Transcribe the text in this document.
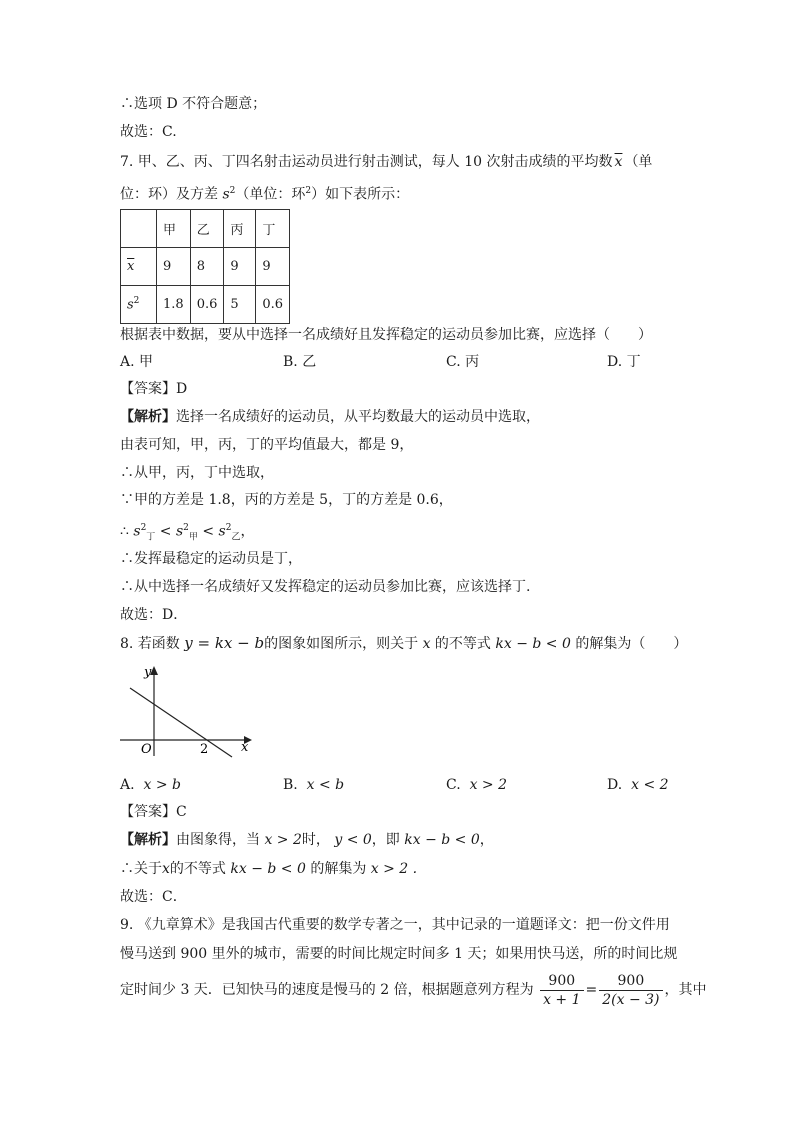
∴选项 D 不符合题意；
故选：C.
7. 甲、乙、丙、丁四名射击运动员进行射击测试，每人 10 次射击成绩的平均数 $\overline{x}$ （单
位：环）及方差 $s^2$（单位：环$^2$）如下表所示：
	甲	乙	丙	丁
$\overline{x}$	9	8	9	9
$s^2$	1.8	0.6	5	0.6
根据表中数据，要从中选择一名成绩好且发挥稳定的运动员参加比赛，应选择（　　）
A. 甲	B. 乙	C. 丙	D. 丁
【答案】D
【解析】选择一名成绩好的运动员，从平均数最大的运动员中选取，
由表可知，甲，丙，丁的平均值最大，都是 9，
∴从甲，丙，丁中选取，
∵甲的方差是 1.8，丙的方差是 5，丁的方差是 0.6，
∴ $s^2_丁 < s^2_甲 < s^2_乙$，
∴发挥最稳定的运动员是丁，
∴从中选择一名成绩好又发挥稳定的运动员参加比赛，应该选择丁.
故选：D．
8. 若函数 y = kx − b的图象如图所示，则关于 x 的不等式 kx − b < 0 的解集为（　　）
y
x
O	2
A. x > b	B. x < b	C. x > 2	D. x < 2
【答案】C
【解析】由图象得，当 x > 2时， y < 0，即 kx − b < 0，
∴关于x的不等式 kx − b < 0 的解集为 x > 2 .
故选：C．
9. 《九章算术》是我国古代重要的数学专著之一，其中记录的一道题译文：把一份文件用
慢马送到 900 里外的城市，需要的时间比规定时间多 1 天；如果用快马送，所的时间比规
定时间少 3 天．已知快马的速度是慢马的 2 倍，根据题意列方程为 $\frac{900}{x + 1} = \frac{900}{2(x - 3)}$ ，其中
